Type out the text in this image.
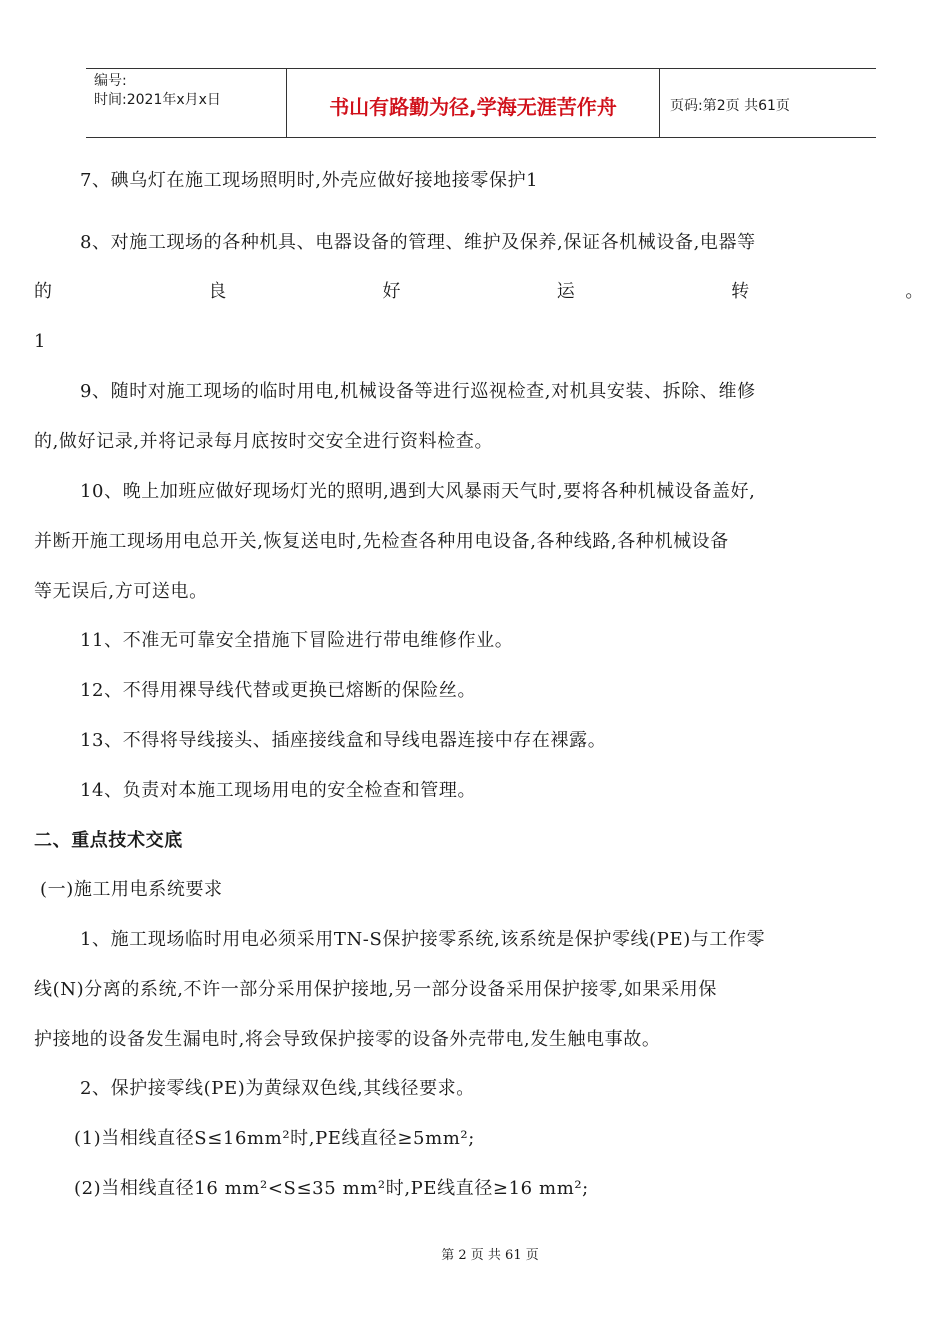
编号:
时间:2021年x月x日	书山有路勤为径,学海无涯苦作舟	页码:第2页 共61页
7、碘乌灯在施工现场照明时,外壳应做好接地接零保护1
8、对施工现场的各种机具、电器设备的管理、维护及保养,保证各机械设备,电器等
的	良	好	运	转	。
1
9、随时对施工现场的临时用电,机械设备等进行巡视检查,对机具安装、拆除、维修
的,做好记录,并将记录每月底按时交安全进行资料检查。
10、晚上加班应做好现场灯光的照明,遇到大风暴雨天气时,要将各种机械设备盖好,
并断开施工现场用电总开关,恢复送电时,先检查各种用电设备,各种线路,各种机械设备
等无误后,方可送电。
11、不准无可靠安全措施下冒险进行带电维修作业。
12、不得用裸导线代替或更换已熔断的保险丝。
13、不得将导线接头、插座接线盒和导线电器连接中存在裸露。
14、负责对本施工现场用电的安全检查和管理。
二、重点技术交底
(一)施工用电系统要求
1、施工现场临时用电必须采用TN-S保护接零系统,该系统是保护零线(PE)与工作零
线(N)分离的系统,不许一部分采用保护接地,另一部分设备采用保护接零,如果采用保
护接地的设备发生漏电时,将会导致保护接零的设备外壳带电,发生触电事故。
2、保护接零线(PE)为黄绿双色线,其线径要求。
(1)当相线直径S≤16mm²时,PE线直径≥5mm²;
(2)当相线直径16 mm²<S≤35 mm²时,PE线直径≥16 mm²;
第 2 页 共 61 页
